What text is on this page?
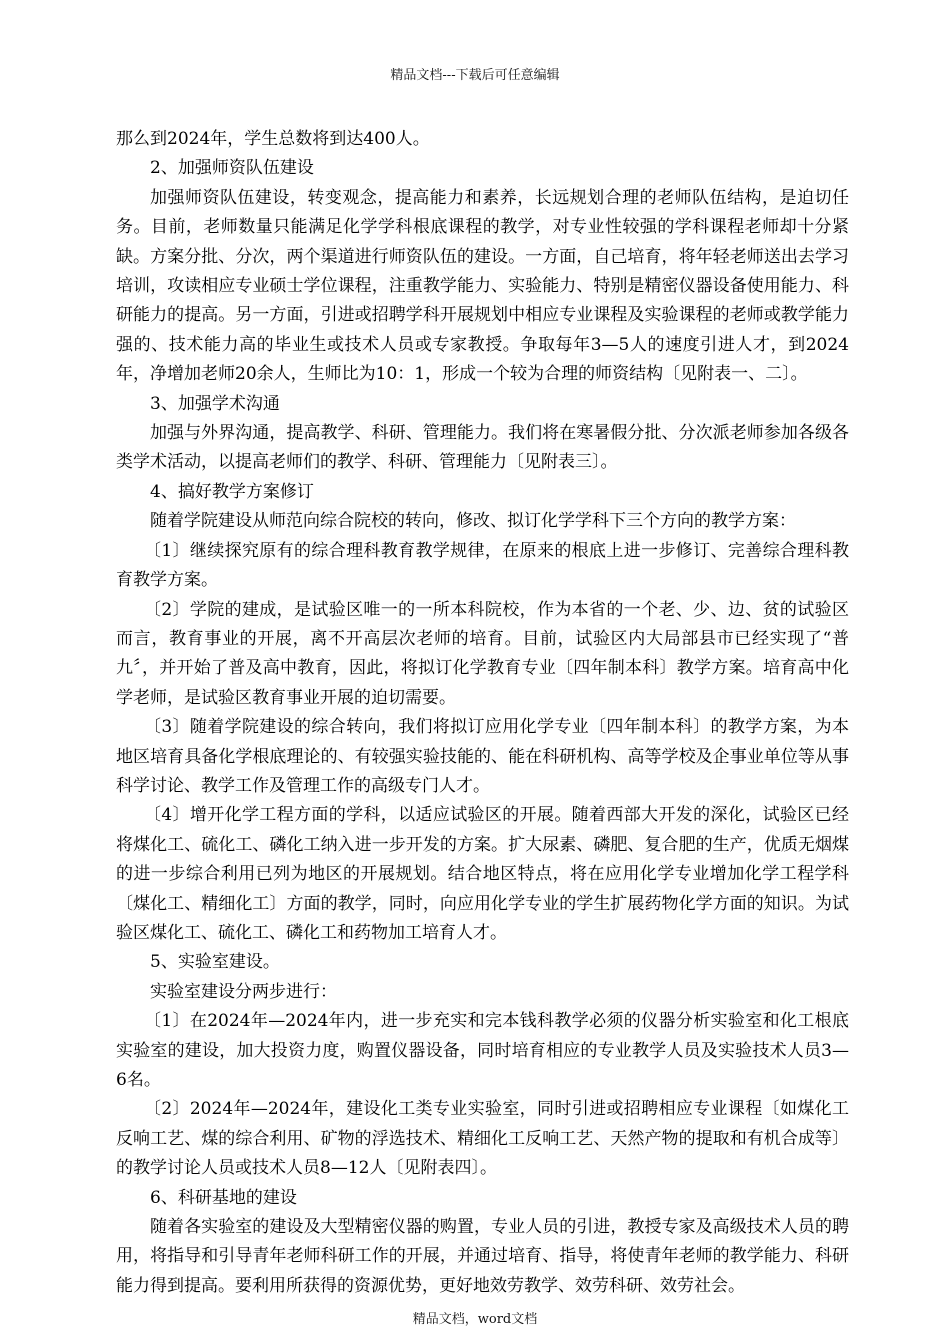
精品文档---下载后可任意编辑

那么到2024年，学生总数将到达400人。

2、加强师资队伍建设

加强师资队伍建设，转变观念，提高能力和素养，长远规划合理的老师队伍结构，是迫切任务。目前，老师数量只能满足化学学科根底课程的教学，对专业性较强的学科课程老师却十分紧缺。方案分批、分次，两个渠道进行师资队伍的建设。一方面，自己培育，将年轻老师送出去学习培训，攻读相应专业硕士学位课程，注重教学能力、实验能力、特别是精密仪器设备使用能力、科研能力的提高。另一方面，引进或招聘学科开展规划中相应专业课程及实验课程的老师或教学能力强的、技术能力高的毕业生或技术人员或专家教授。争取每年3—5人的速度引进人才，到2024年，净增加老师20余人，生师比为10：1，形成一个较为合理的师资结构〔见附表一、二〕。

3、加强学术沟通

加强与外界沟通，提高教学、科研、管理能力。我们将在寒暑假分批、分次派老师参加各级各类学术活动，以提高老师们的教学、科研、管理能力〔见附表三〕。

4、搞好教学方案修订

随着学院建设从师范向综合院校的转向，修改、拟订化学学科下三个方向的教学方案：

〔1〕继续探究原有的综合理科教育教学规律，在原来的根底上进一步修订、完善综合理科教育教学方案。

〔2〕学院的建成，是试验区唯一的一所本科院校，作为本省的一个老、少、边、贫的试验区而言，教育事业的开展，离不开高层次老师的培育。目前，试验区内大局部县市已经实现了“普九〞，并开始了普及高中教育，因此，将拟订化学教育专业〔四年制本科〕教学方案。培育高中化学老师，是试验区教育事业开展的迫切需要。

〔3〕随着学院建设的综合转向，我们将拟订应用化学专业〔四年制本科〕的教学方案，为本地区培育具备化学根底理论的、有较强实验技能的、能在科研机构、高等学校及企事业单位等从事科学讨论、教学工作及管理工作的高级专门人才。

〔4〕增开化学工程方面的学科，以适应试验区的开展。随着西部大开发的深化，试验区已经将煤化工、硫化工、磷化工纳入进一步开发的方案。扩大尿素、磷肥、复合肥的生产，优质无烟煤的进一步综合利用已列为地区的开展规划。结合地区特点，将在应用化学专业增加化学工程学科〔煤化工、精细化工〕方面的教学，同时，向应用化学专业的学生扩展药物化学方面的知识。为试验区煤化工、硫化工、磷化工和药物加工培育人才。

5、实验室建设。

实验室建设分两步进行：

〔1〕在2024年—2024年内，进一步充实和完本钱科教学必须的仪器分析实验室和化工根底实验室的建设，加大投资力度，购置仪器设备，同时培育相应的专业教学人员及实验技术人员3—6名。

〔2〕2024年—2024年，建设化工类专业实验室，同时引进或招聘相应专业课程〔如煤化工反响工艺、煤的综合利用、矿物的浮选技术、精细化工反响工艺、天然产物的提取和有机合成等〕的教学讨论人员或技术人员8—12人〔见附表四〕。

6、科研基地的建设

随着各实验室的建设及大型精密仪器的购置，专业人员的引进，教授专家及高级技术人员的聘用，将指导和引导青年老师科研工作的开展，并通过培育、指导，将使青年老师的教学能力、科研能力得到提高。要利用所获得的资源优势，更好地效劳教学、效劳科研、效劳社会。

精品文档，word文档
